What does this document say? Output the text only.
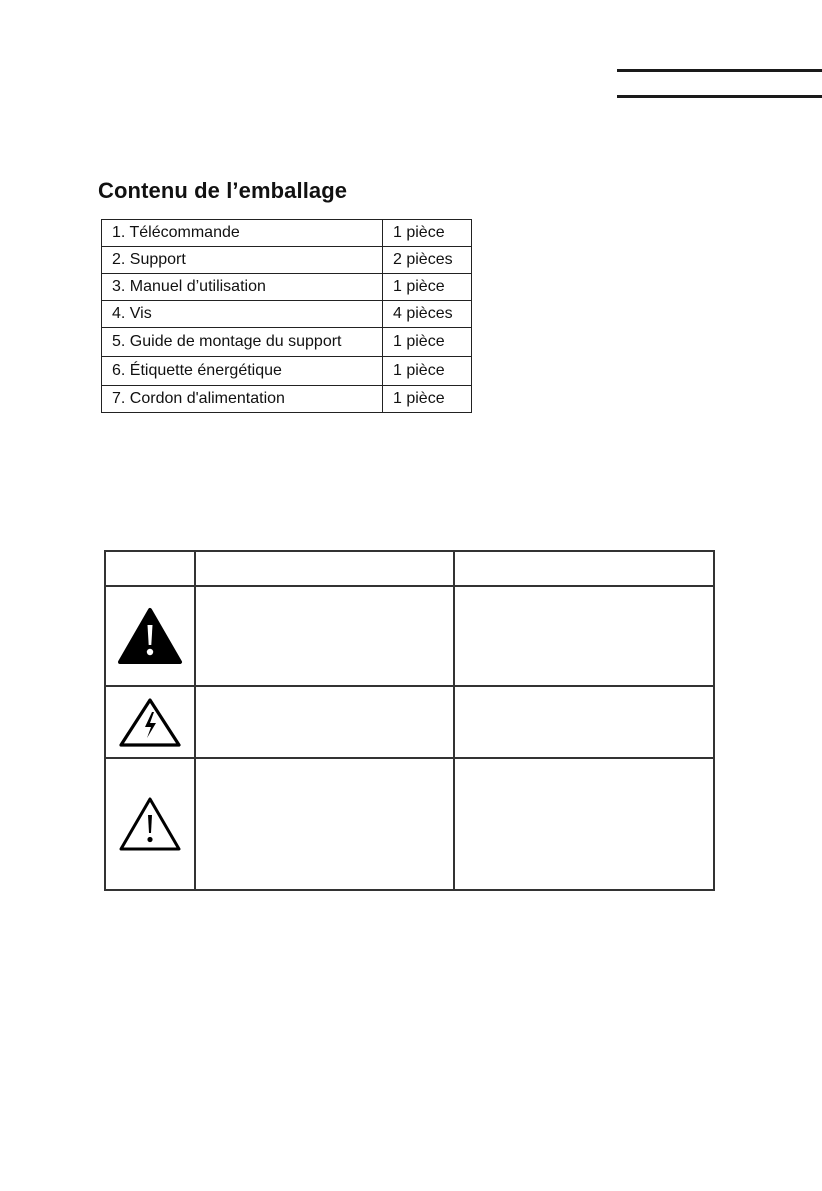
Contenu de l’emballage
1. Télécommande	1 pièce
2. Support	2 pièces
3. Manuel d’utilisation	1 pièce
4. Vis	4 pièces
5. Guide de montage du support	1 pièce
6. Étiquette énergétique	1 pièce
7. Cordon d'alimentation	1 pièce
